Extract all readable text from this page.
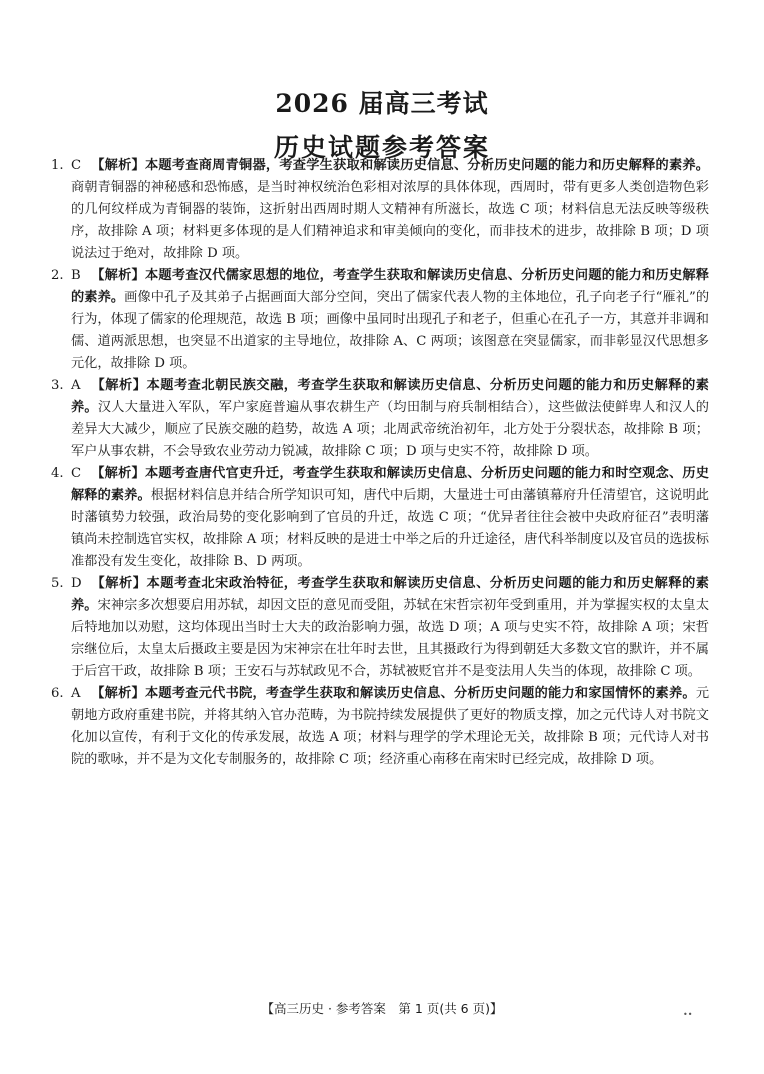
2026 届高三考试
历史试题参考答案
1. C 【解析】本题考查商周青铜器，考查学生获取和解读历史信息、分析历史问题的能力和历史解释的素养。商朝青铜器的神秘感和恐怖感，是当时神权统治色彩相对浓厚的具体体现，西周时，带有更多人类创造物色彩的几何纹样成为青铜器的装饰，这折射出西周时期人文精神有所滋长，故选 C 项；材料信息无法反映等级秩序，故排除 A 项；材料更多体现的是人们精神追求和审美倾向的变化，而非技术的进步，故排除 B 项；D 项说法过于绝对，故排除 D 项。
2. B 【解析】本题考查汉代儒家思想的地位，考查学生获取和解读历史信息、分析历史问题的能力和历史解释的素养。画像中孔子及其弟子占据画面大部分空间，突出了儒家代表人物的主体地位，孔子向老子行“雁礼”的行为，体现了儒家的伦理规范，故选 B 项；画像中虽同时出现孔子和老子，但重心在孔子一方，其意并非调和儒、道两派思想，也突显不出道家的主导地位，故排除 A、C 两项；该图意在突显儒家，而非彰显汉代思想多元化，故排除 D 项。
3. A 【解析】本题考查北朝民族交融，考查学生获取和解读历史信息、分析历史问题的能力和历史解释的素养。汉人大量进入军队，军户家庭普遍从事农耕生产（均田制与府兵制相结合），这些做法使鲜卑人和汉人的差异大大减少，顺应了民族交融的趋势，故选 A 项；北周武帝统治初年，北方处于分裂状态，故排除 B 项；军户从事农耕，不会导致农业劳动力锐减，故排除 C 项；D 项与史实不符，故排除 D 项。
4. C 【解析】本题考查唐代官吏升迁，考查学生获取和解读历史信息、分析历史问题的能力和时空观念、历史解释的素养。根据材料信息并结合所学知识可知，唐代中后期，大量进士可由藩镇幕府升任清望官，这说明此时藩镇势力较强，政治局势的变化影响到了官员的升迁，故选 C 项；“优异者往往会被中央政府征召”表明藩镇尚未控制选官实权，故排除 A 项；材料反映的是进士中举之后的升迁途径，唐代科举制度以及官员的选拔标准都没有发生变化，故排除 B、D 两项。
5. D 【解析】本题考查北宋政治特征，考查学生获取和解读历史信息、分析历史问题的能力和历史解释的素养。宋神宗多次想要启用苏轼，却因文臣的意见而受阻，苏轼在宋哲宗初年受到重用，并为掌握实权的太皇太后特地加以劝慰，这均体现出当时士大夫的政治影响力强，故选 D 项；A 项与史实不符，故排除 A 项；宋哲宗继位后，太皇太后摄政主要是因为宋神宗在壮年时去世，且其摄政行为得到朝廷大多数文官的默许，并不属于后宫干政，故排除 B 项；王安石与苏轼政见不合，苏轼被贬官并不是变法用人失当的体现，故排除 C 项。
6. A 【解析】本题考查元代书院，考查学生获取和解读历史信息、分析历史问题的能力和家国情怀的素养。元朝地方政府重建书院，并将其纳入官办范畴，为书院持续发展提供了更好的物质支撑，加之元代诗人对书院文化加以宣传，有利于文化的传承发展，故选 A 项；材料与理学的学术理论无关，故排除 B 项；元代诗人对书院的歌咏，并不是为文化专制服务的，故排除 C 项；经济重心南移在南宋时已经完成，故排除 D 项。
【高三历史 · 参考答案　第 1 页(共 6 页)】	••
